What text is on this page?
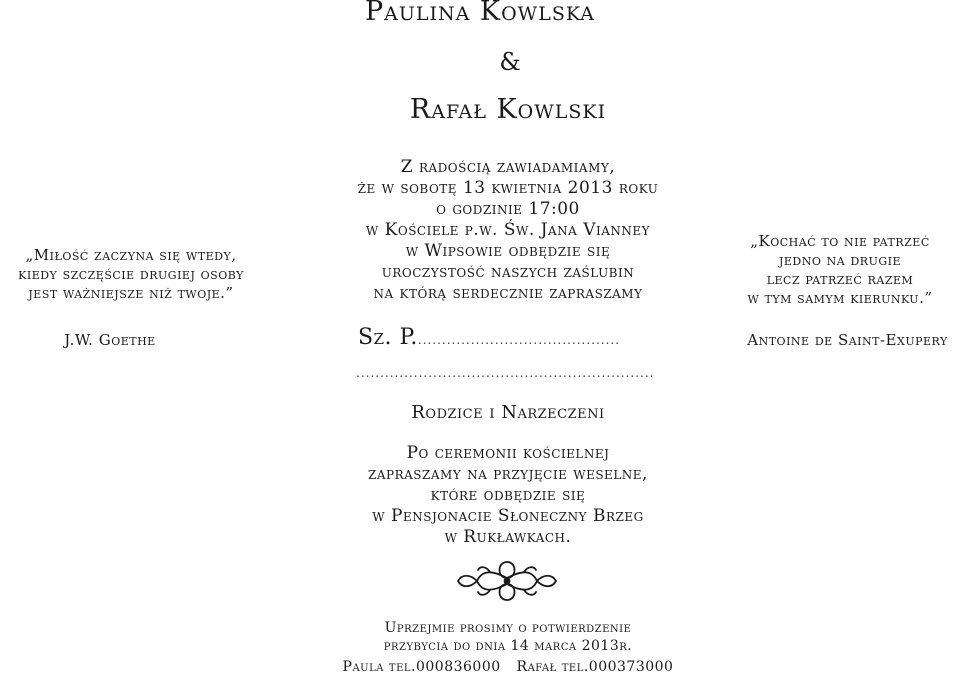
Paulina Kowlska
&
Rafał Kowlski
Z radością zawiadamiamy,
że w sobotę 13 kwietnia 2013 roku
o godzinie 17:00
w Kościele p.w. Św. Jana Vianney
w Wipsowie odbędzie się
uroczystość naszych zaślubin
na którą serdecznie zapraszamy
„Miłość zaczyna się wtedy,
kiedy szczęście drugiej osoby
jest ważniejsze niż twoje.”
J.W. Goethe
„Kochać to nie patrzeć
jedno na drugie
lecz patrzeć razem
w tym samym kierunku.”
Antoine de Saint-Exupery
Sz. P...........................................
..............................................................
Rodzice i Narzeczeni
Po ceremonii kościelnej
zapraszamy na przyjęcie weselne,
które odbędzie się
w Pensjonacie Słoneczny Brzeg
w Rukławkach.
Uprzejmie prosimy o potwierdzenie
przybycia do dnia 14 marca 2013r.
Paula tel.000836000 Rafał tel.000373000
